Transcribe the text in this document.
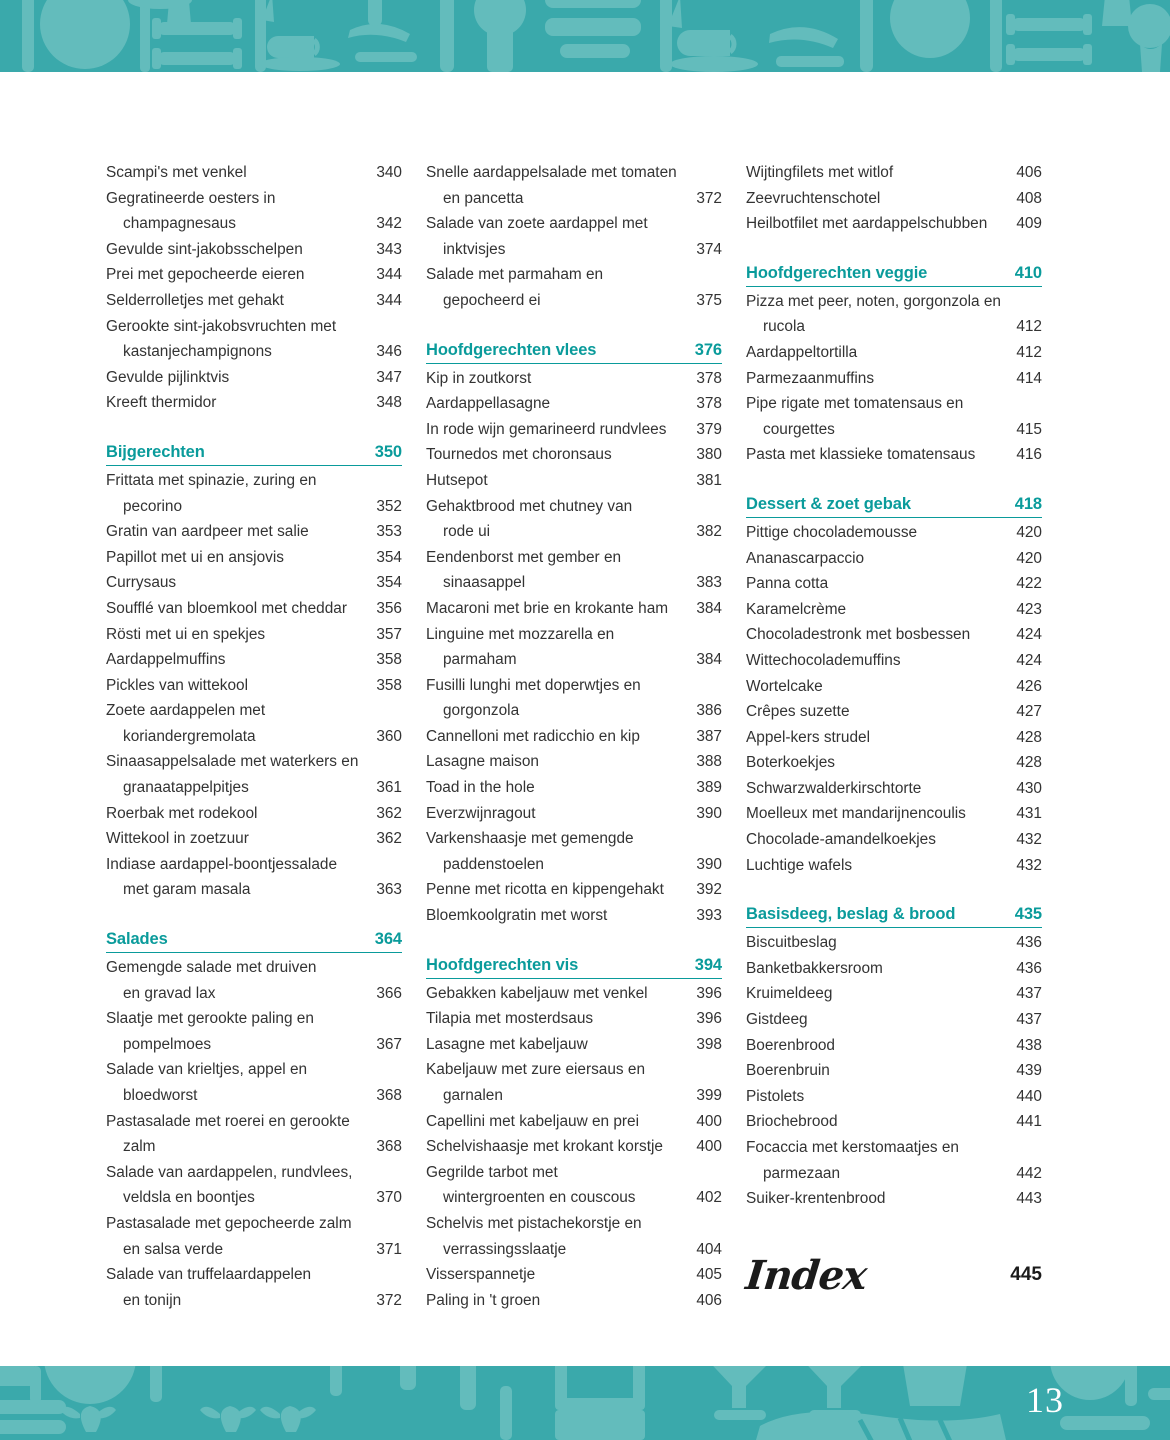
Scampi's met venkel	340
Gegratineerde oesters in
champagnesaus	342
Gevulde sint-jakobsschelpen	343
Prei met gepocheerde eieren	344
Selderrolletjes met gehakt	344
Gerookte sint-jakobsvruchten met
kastanjechampignons	346
Gevulde pijlinktvis	347
Kreeft thermidor	348
Bijgerechten	350
Frittata met spinazie, zuring en
pecorino	352
Gratin van aardpeer met salie	353
Papillot met ui en ansjovis	354
Currysaus	354
Soufflé van bloemkool met cheddar	356
Rösti met ui en spekjes	357
Aardappelmuffins	358
Pickles van wittekool	358
Zoete aardappelen met
koriandergremolata	360
Sinaasappelsalade met waterkers en
granaatappelpitjes	361
Roerbak met rodekool	362
Wittekool in zoetzuur	362
Indiase aardappel-boontjessalade
met garam masala	363
Salades	364
Gemengde salade met druiven
en gravad lax	366
Slaatje met gerookte paling en
pompelmoes	367
Salade van krieltjes, appel en
bloedworst	368
Pastasalade met roerei en gerookte
zalm	368
Salade van aardappelen, rundvlees,
veldsla en boontjes	370
Pastasalade met gepocheerde zalm
en salsa verde	371
Salade van truffelaardappelen
en tonijn	372
Snelle aardappelsalade met tomaten
en pancetta	372
Salade van zoete aardappel met
inktvisjes	374
Salade met parmaham en
gepocheerd ei	375
Hoofdgerechten vlees	376
Kip in zoutkorst	378
Aardappellasagne	378
In rode wijn gemarineerd rundvlees	379
Tournedos met choronsaus	380
Hutsepot	381
Gehaktbrood met chutney van
rode ui	382
Eendenborst met gember en
sinaasappel	383
Macaroni met brie en krokante ham	384
Linguine met mozzarella en
parmaham	384
Fusilli lunghi met doperwtjes en
gorgonzola	386
Cannelloni met radicchio en kip	387
Lasagne maison	388
Toad in the hole	389
Everzwijnragout	390
Varkenshaasje met gemengde
paddenstoelen	390
Penne met ricotta en kippengehakt	392
Bloemkoolgratin met worst	393
Hoofdgerechten vis	394
Gebakken kabeljauw met venkel	396
Tilapia met mosterdsaus	396
Lasagne met kabeljauw	398
Kabeljauw met zure eiersaus en
garnalen	399
Capellini met kabeljauw en prei	400
Schelvishaasje met krokant korstje	400
Gegrilde tarbot met
wintergroenten en couscous	402
Schelvis met pistachekorstje en
verrassingsslaatje	404
Visserspannetje	405
Paling in 't groen	406
Wijtingfilets met witlof	406
Zeevruchtenschotel	408
Heilbotfilet met aardappelschubben	409
Hoofdgerechten veggie	410
Pizza met peer, noten, gorgonzola en
rucola	412
Aardappeltortilla	412
Parmezaanmuffins	414
Pipe rigate met tomatensaus en
courgettes	415
Pasta met klassieke tomatensaus	416
Dessert & zoet gebak	418
Pittige chocolademousse	420
Ananascarpaccio	420
Panna cotta	422
Karamelcrème	423
Chocoladestronk met bosbessen	424
Wittechocolademuffins	424
Wortelcake	426
Crêpes suzette	427
Appel-kers strudel	428
Boterkoekjes	428
Schwarzwalderkirschtorte	430
Moelleux met mandarijnencoulis	431
Chocolade-amandelkoekjes	432
Luchtige wafels	432
Basisdeeg, beslag & brood	435
Biscuitbeslag	436
Banketbakkersroom	436
Kruimeldeeg	437
Gistdeeg	437
Boerenbrood	438
Boerenbruin	439
Pistolets	440
Briochebrood	441
Focaccia met kerstomaatjes en
parmezaan	442
Suiker-krentenbrood	443
Index	445
13
